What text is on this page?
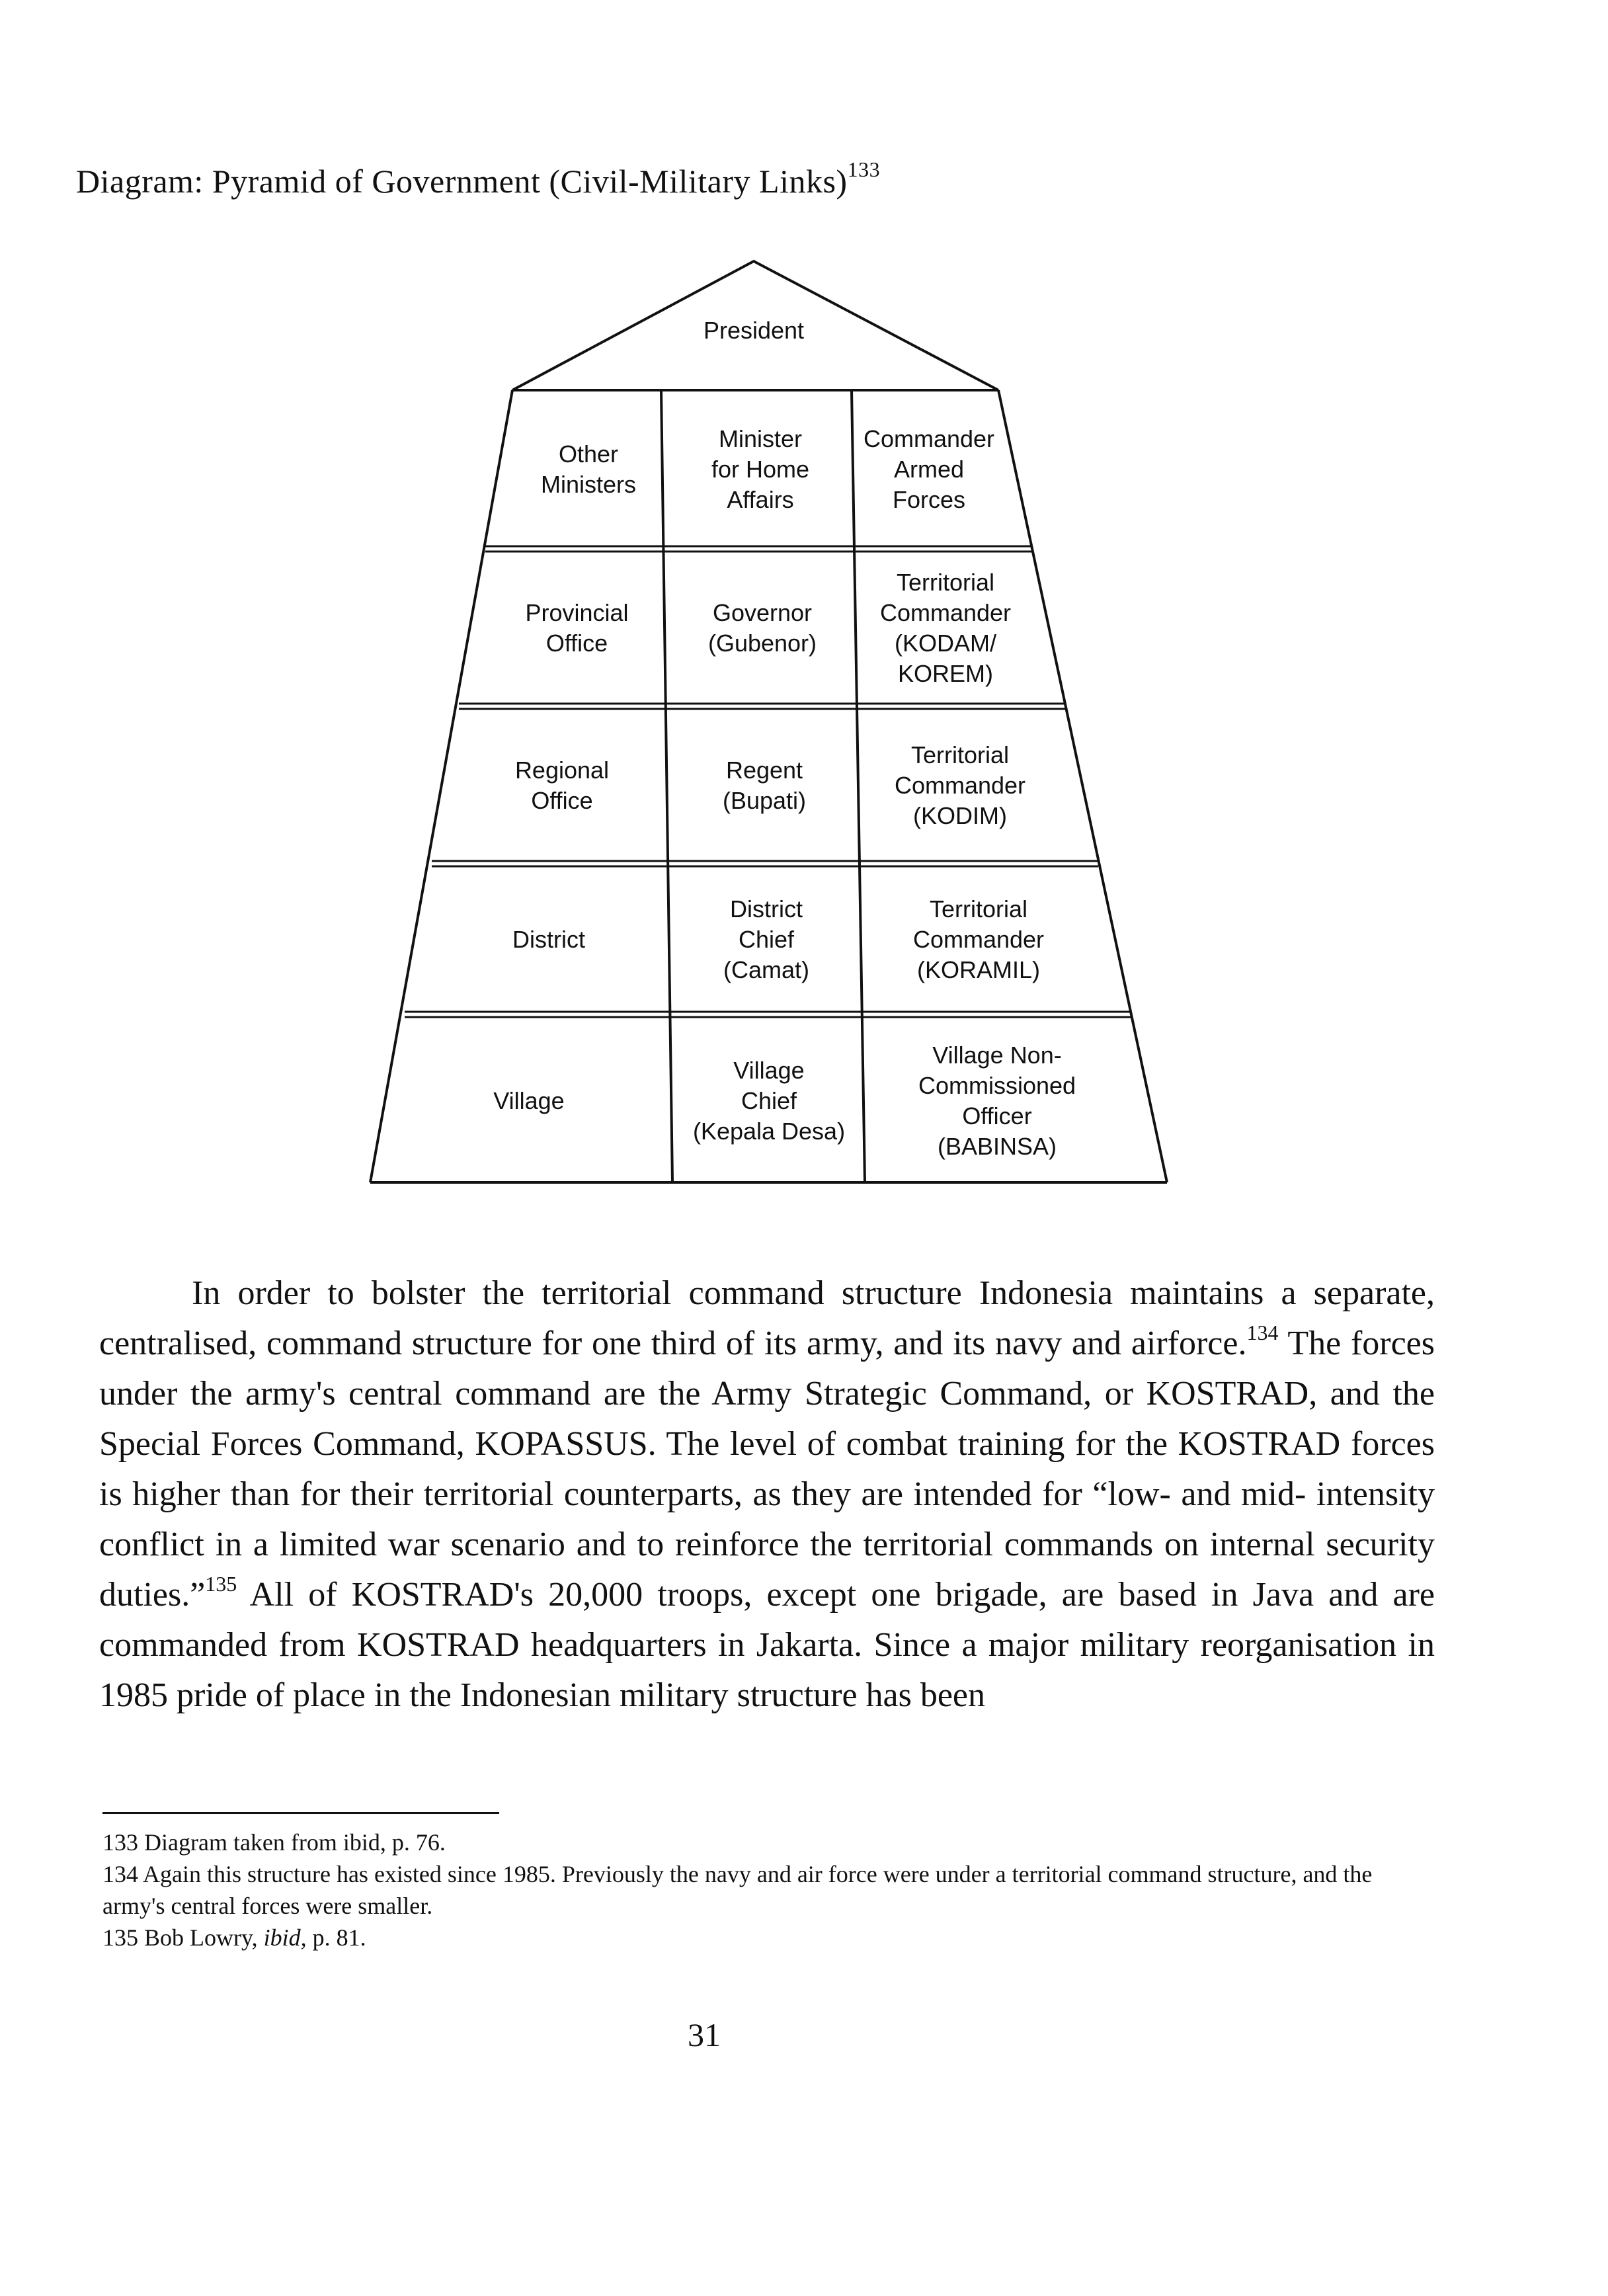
Diagram: Pyramid of Government (Civil-Military Links)$^{133}$
President
Other
Ministers
Minister
for Home
Affairs
Commander
Armed
Forces
Provincial
Office
Governor
(Gubenor)
Territorial
Commander
(KODAM/
KOREM)
Regional
Office
Regent
(Bupati)
Territorial
Commander
(KODIM)
District
District
Chief
(Camat)
Territorial
Commander
(KORAMIL)
Village
Village
Chief
(Kepala Desa)
Village Non-
Commissioned
Officer
(BABINSA)

In order to bolster the territorial command structure Indonesia maintains a separate, centralised, command structure for one third of its army, and its navy and airforce.$^{134}$ The forces under the army's central command are the Army Strategic Command, or KOSTRAD, and the Special Forces Command, KOPASSUS. The level of combat training for the KOSTRAD forces is higher than for their territorial counterparts, as they are intended for “low- and mid- intensity conflict in a limited war scenario and to reinforce the territorial commands on internal security duties.”$^{135}$ All of KOSTRAD's 20,000 troops, except one brigade, are based in Java and are commanded from KOSTRAD headquarters in Jakarta. Since a major military reorganisation in 1985 pride of place in the Indonesian military structure has been

133 Diagram taken from ibid, p. 76.

134 Again this structure has existed since 1985. Previously the navy and air force were under a territorial command structure, and the army's central forces were smaller.

135 Bob Lowry, ibid, p. 81.

31
